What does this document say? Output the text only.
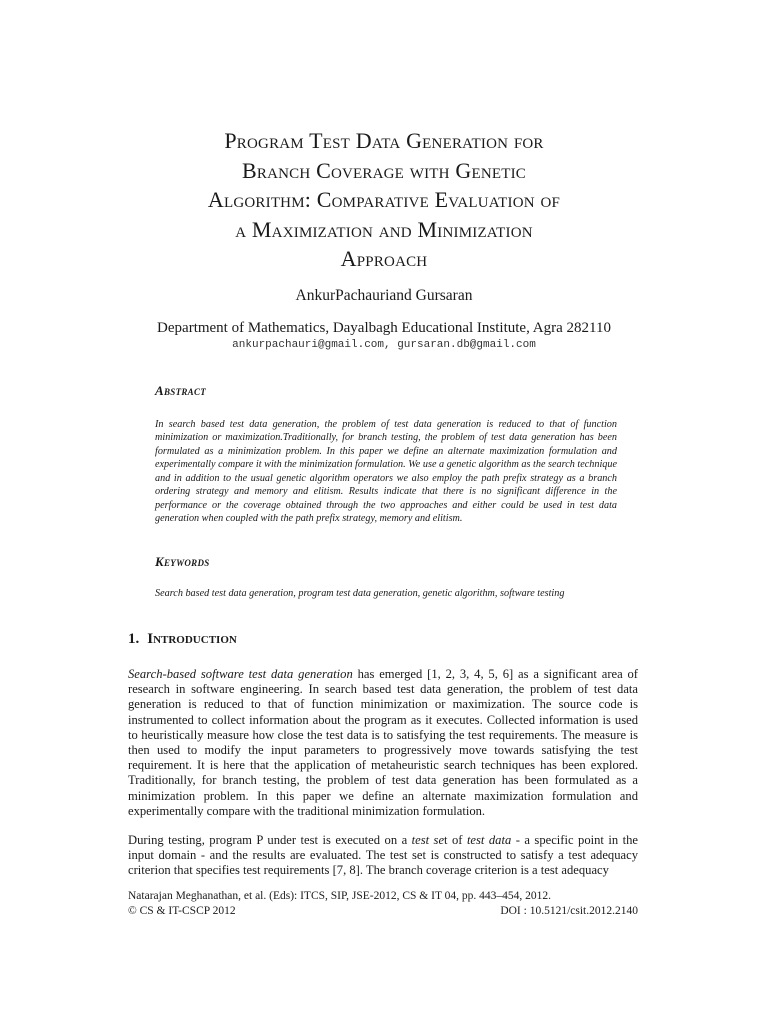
Program Test Data Generation for
Branch Coverage with Genetic
Algorithm: Comparative Evaluation of
a Maximization and Minimization
Approach
AnkurPachauriand Gursaran
Department of Mathematics, Dayalbagh Educational Institute, Agra 282110
ankurpachauri@gmail.com, gursaran.db@gmail.com
Abstract
In search based test data generation, the problem of test data generation is reduced to that of function minimization or maximization.Traditionally, for branch testing, the problem of test data generation has been formulated as a minimization problem. In this paper we define an alternate maximization formulation and experimentally compare it with the minimization formulation. We use a genetic algorithm as the search technique and in addition to the usual genetic algorithm operators we also employ the path prefix strategy as a branch ordering strategy and memory and elitism. Results indicate that there is no significant difference in the performance or the coverage obtained through the two approaches and either could be used in test data generation when coupled with the path prefix strategy, memory and elitism.
Keywords
Search based test data generation, program test data generation, genetic algorithm, software testing
1. Introduction

Search-based software test data generation has emerged [1, 2, 3, 4, 5, 6] as a significant area of research in software engineering. In search based test data generation, the problem of test data generation is reduced to that of function minimization or maximization. The source code is instrumented to collect information about the program as it executes. Collected information is used to heuristically measure how close the test data is to satisfying the test requirements. The measure is then used to modify the input parameters to progressively move towards satisfying the test requirement. It is here that the application of metaheuristic search techniques has been explored. Traditionally, for branch testing, the problem of test data generation has been formulated as a minimization problem. In this paper we define an alternate maximization formulation and experimentally compare with the traditional minimization formulation.

During testing, program P under test is executed on a test set of test data - a specific point in the input domain - and the results are evaluated. The test set is constructed to satisfy a test adequacy criterion that specifies test requirements [7, 8]. The branch coverage criterion is a test adequacy

Natarajan Meghanathan, et al. (Eds): ITCS, SIP, JSE-2012, CS & IT 04, pp. 443–454, 2012.
© CS & IT-CSCP 2012	DOI : 10.5121/csit.2012.2140
